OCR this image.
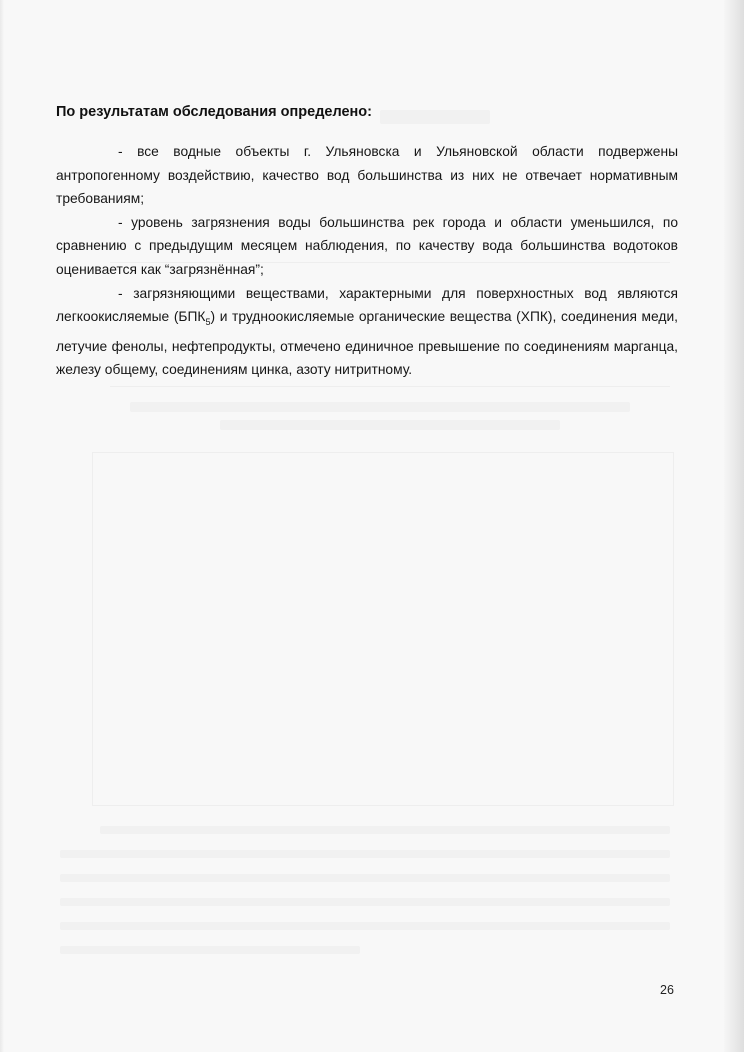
По результатам обследования определено:

- все водные объекты г. Ульяновска и Ульяновской области подвержены антропогенному воздействию, качество вод большинства из них не отвечает нормативным требованиям;

- уровень загрязнения воды большинства рек города и области уменьшился, по сравнению с предыдущим месяцем наблюдения, по качеству вода большинства водотоков оценивается как “загрязнённая”;

- загрязняющими веществами, характерными для поверхностных вод являются легкоокисляемые $(БПК_5)$ и трудноокисляемые органические вещества (ХПК), соединения меди, летучие фенолы, нефтепродукты, отмечено единичное превышение по соединениям марганца, железу общему, соединениям цинка, азоту нитритному.

26
